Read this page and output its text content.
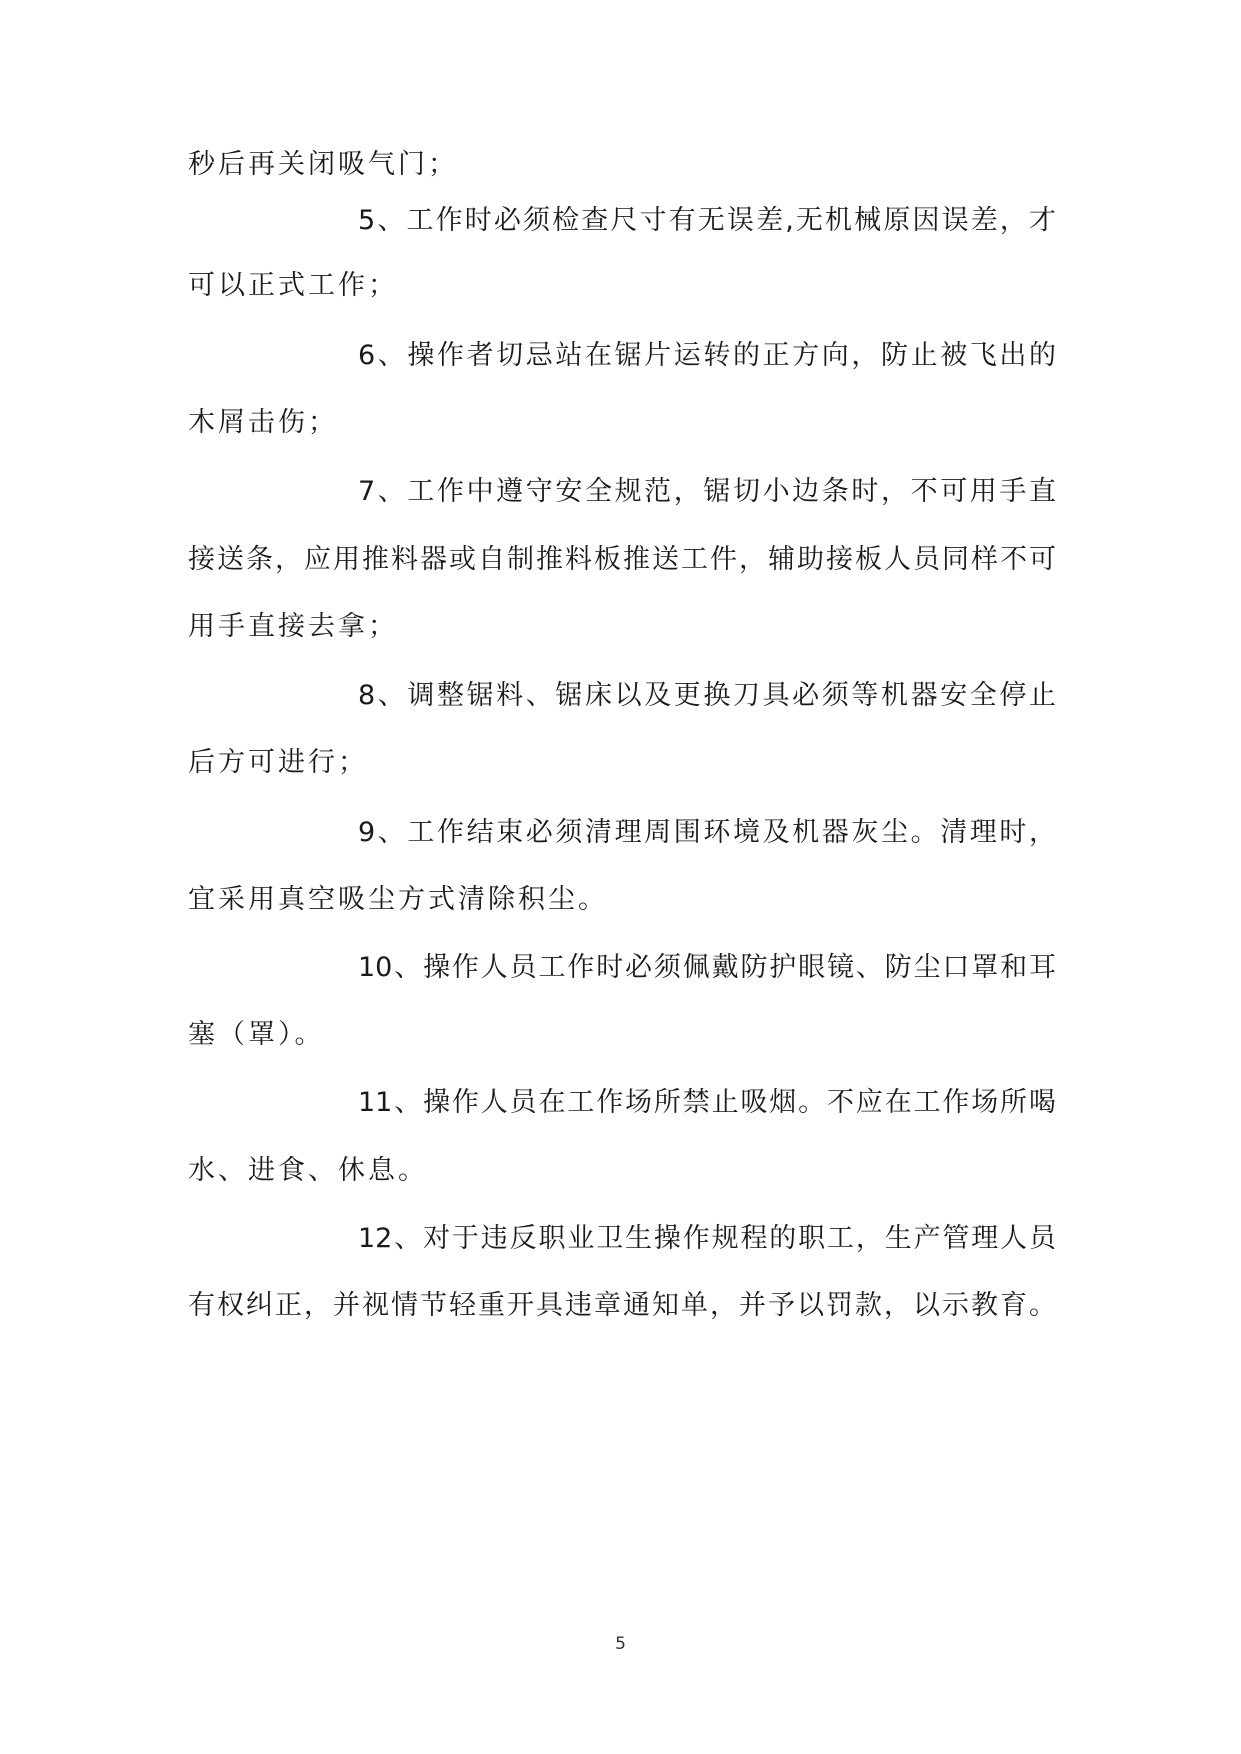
秒后再关闭吸气门；
5、工作时必须检查尺寸有无误差,无机械原因误差，才
可以正式工作；
6、操作者切忌站在锯片运转的正方向，防止被飞出的
木屑击伤；
7、工作中遵守安全规范，锯切小边条时，不可用手直
接送条，应用推料器或自制推料板推送工件，辅助接板人员同样不可
用手直接去拿；
8、调整锯料、锯床以及更换刀具必须等机器安全停止
后方可进行；
9、工作结束必须清理周围环境及机器灰尘。清理时，
宜采用真空吸尘方式清除积尘。
10、操作人员工作时必须佩戴防护眼镜、防尘口罩和耳
塞（罩）。
11、操作人员在工作场所禁止吸烟。不应在工作场所喝
水、进食、休息。
12、对于违反职业卫生操作规程的职工，生产管理人员
有权纠正，并视情节轻重开具违章通知单，并予以罚款，以示教育。
5
